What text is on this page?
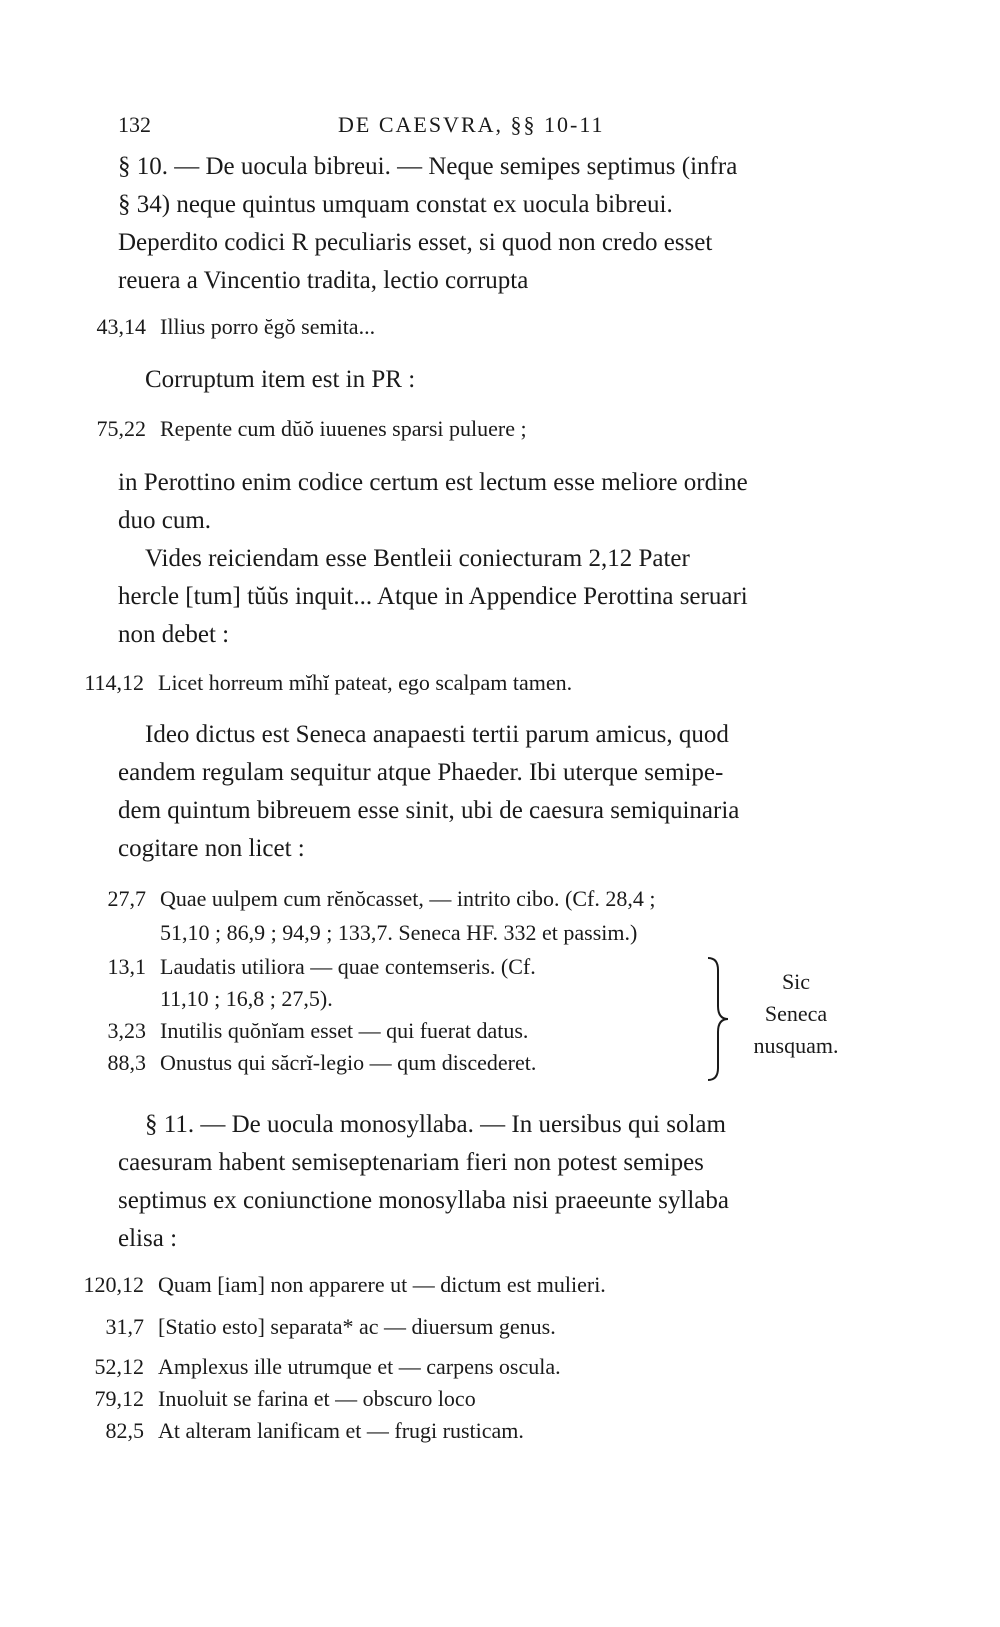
132	DE CAESVRA, §§ 10-11
§ 10. — De uocula bibreui. — Neque semipes septimus (infra
§ 34) neque quintus umquam constat ex uocula bibreui.
Deperdito codici R peculiaris esset, si quod non credo esset
reuera a Vincentio tradita, lectio corrupta
43,14 Illius porro ĕgŏ semita...
Corruptum item est in PR :
75,22 Repente cum dŭŏ iuuenes sparsi puluere ;
in Perottino enim codice certum est lectum esse meliore ordine
duo cum.
Vides reiciendam esse Bentleii coniecturam 2,12 Pater
hercle [tum] tŭŭs inquit... Atque in Appendice Perottina seruari
non debet :
114,12 Licet horreum mĭhĭ pateat, ego scalpam tamen.
Ideo dictus est Seneca anapaesti tertii parum amicus, quod
eandem regulam sequitur atque Phaeder. Ibi uterque semipe-
dem quintum bibreuem esse sinit, ubi de caesura semiquinaria
cogitare non licet :
27,7 Quae uulpem cum rĕnŏcasset, — intrito cibo. (Cf. 28,4 ;
51,10 ; 86,9 ; 94,9 ; 133,7. Seneca HF. 332 et passim.)
13,1 Laudatis utiliora — quae contemseris. (Cf.
11,10 ; 16,8 ; 27,5).
3,23 Inutilis quŏnĭam esset — qui fuerat datus.
88,3 Onustus qui săcrĭ-legio — qum discederet.
Sic
Seneca
nusquam.
§ 11. — De uocula monosyllaba. — In uersibus qui solam
caesuram habent semiseptenariam fieri non potest semipes
septimus ex coniunctione monosyllaba nisi praeeunte syllaba
elisa :
120,12 Quam [iam] non apparere ut — dictum est mulieri.
31,7 [Statio esto] separata* ac — diuersum genus.
52,12 Amplexus ille utrumque et — carpens oscula.
79,12 Inuoluit se farina et — obscuro loco
82,5 At alteram lanificam et — frugi rusticam.
